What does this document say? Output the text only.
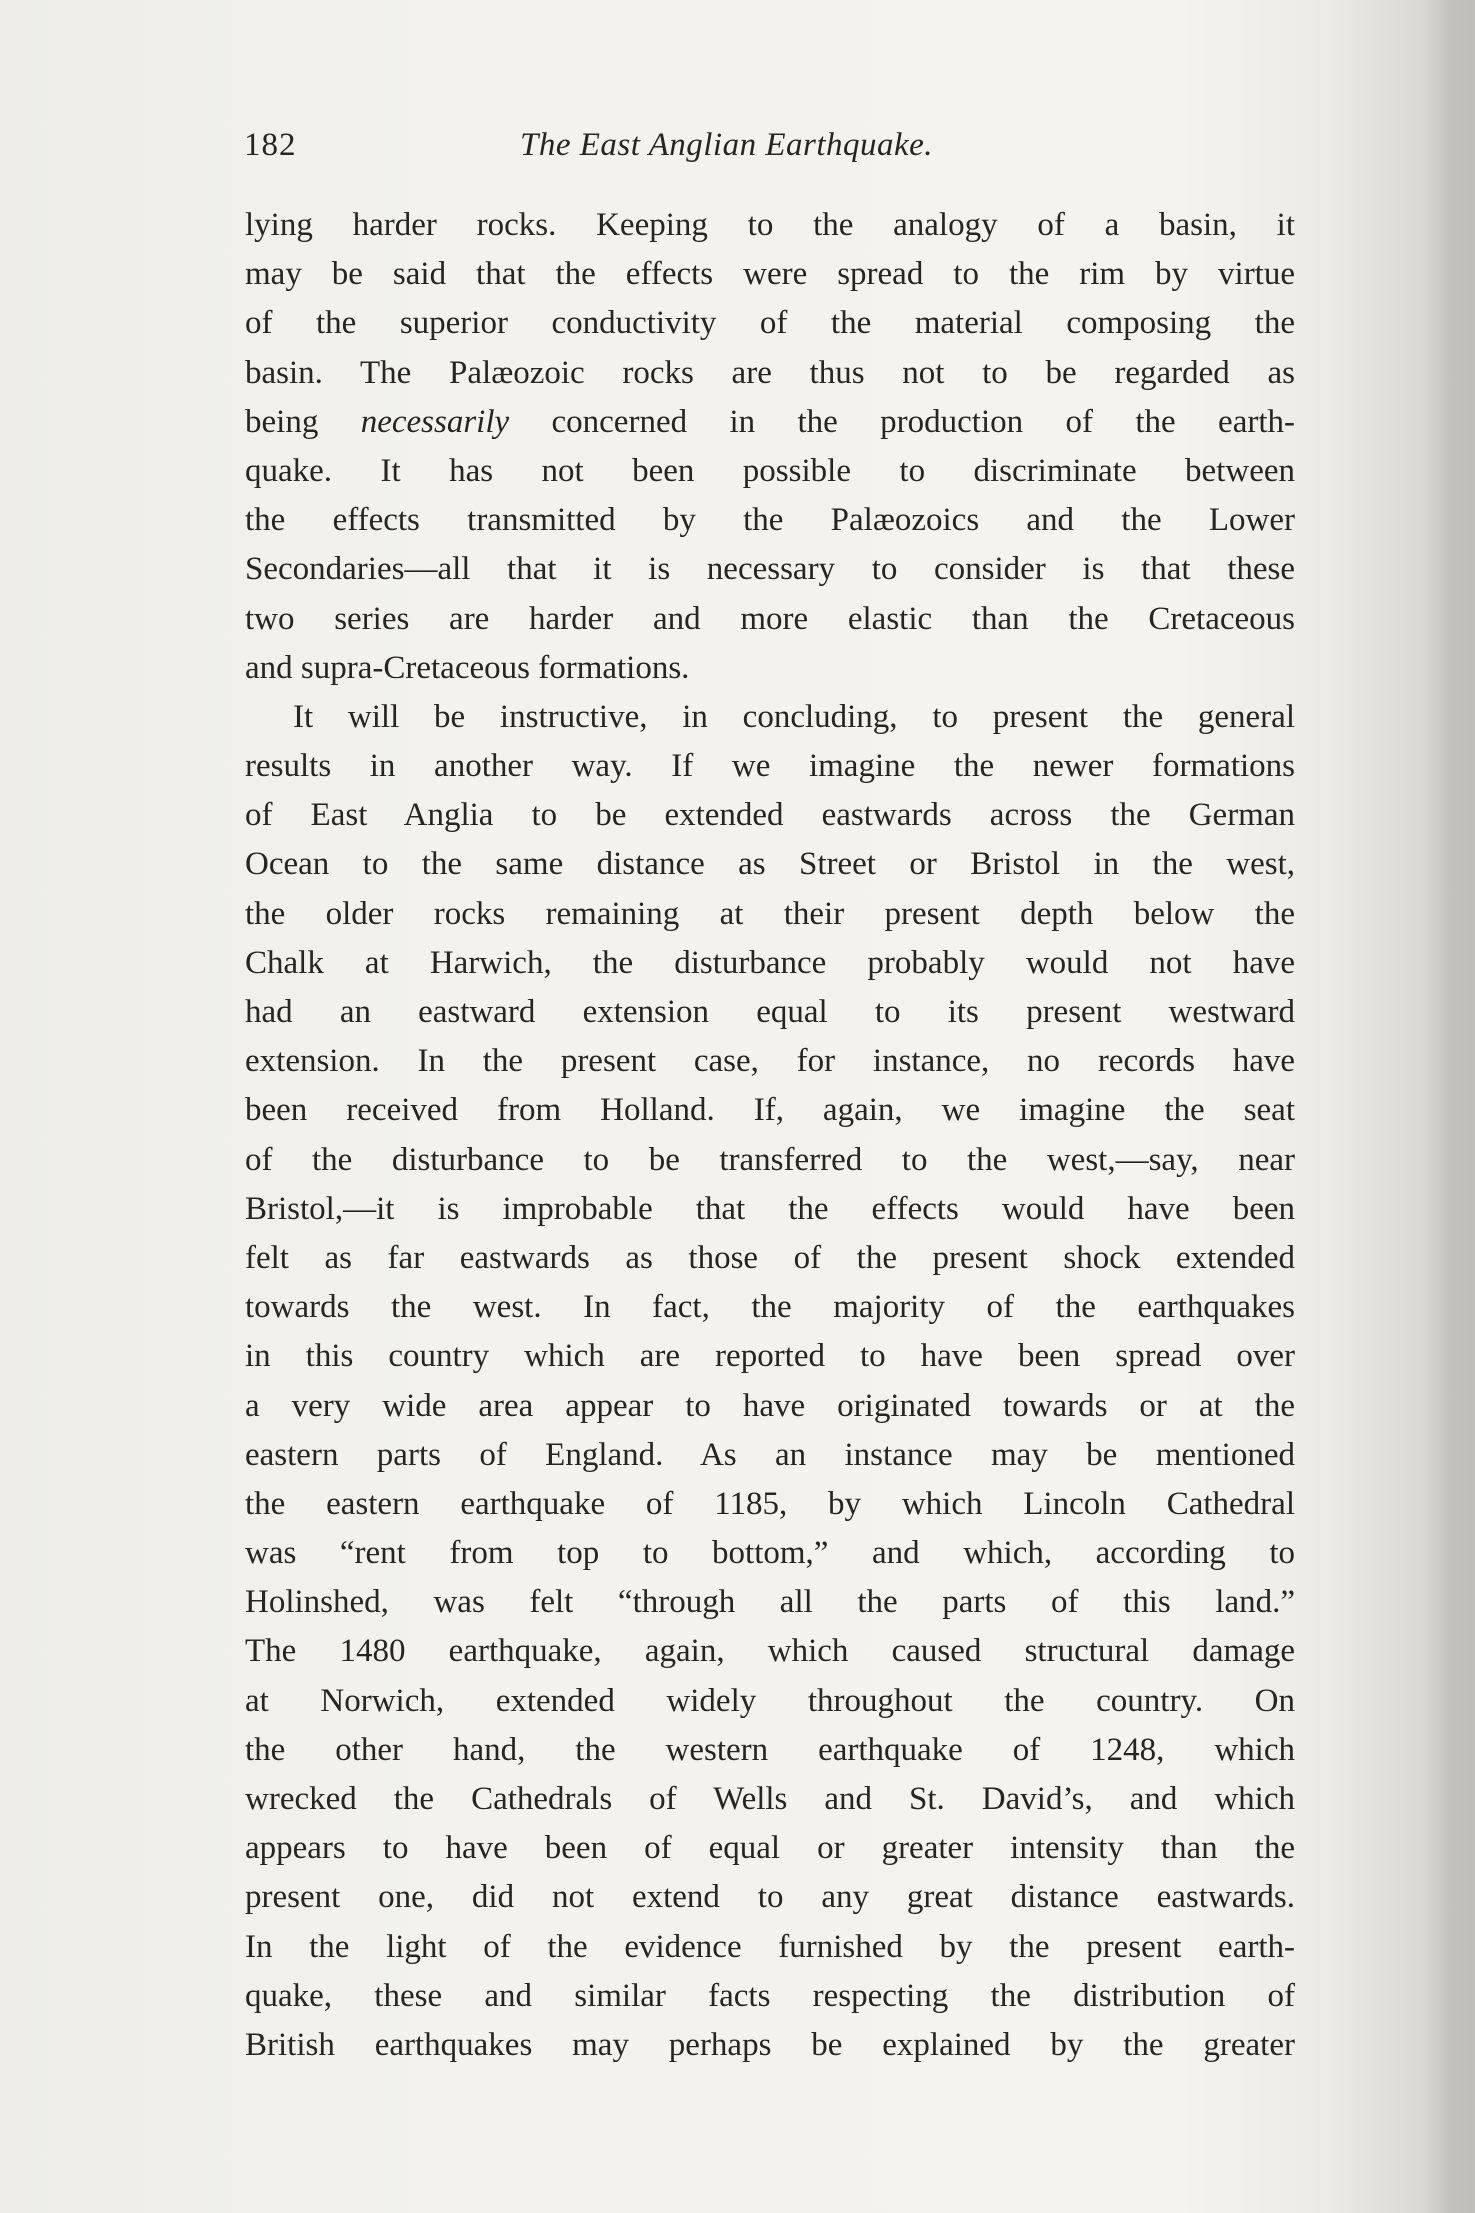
182	The East Anglian Earthquake.
lying harder rocks. Keeping to the analogy of a basin, it
may be said that the effects were spread to the rim by virtue
of the superior conductivity of the material composing the
basin. The Palæozoic rocks are thus not to be regarded as
being necessarily concerned in the production of the earth-
quake. It has not been possible to discriminate between
the effects transmitted by the Palæozoics and the Lower
Secondaries—all that it is necessary to consider is that these
two series are harder and more elastic than the Cretaceous
and supra-Cretaceous formations.
It will be instructive, in concluding, to present the general
results in another way. If we imagine the newer formations
of East Anglia to be extended eastwards across the German
Ocean to the same distance as Street or Bristol in the west,
the older rocks remaining at their present depth below the
Chalk at Harwich, the disturbance probably would not have
had an eastward extension equal to its present westward
extension. In the present case, for instance, no records have
been received from Holland. If, again, we imagine the seat
of the disturbance to be transferred to the west,—say, near
Bristol,—it is improbable that the effects would have been
felt as far eastwards as those of the present shock extended
towards the west. In fact, the majority of the earthquakes
in this country which are reported to have been spread over
a very wide area appear to have originated towards or at the
eastern parts of England. As an instance may be mentioned
the eastern earthquake of 1185, by which Lincoln Cathedral
was “rent from top to bottom,” and which, according to
Holinshed, was felt “through all the parts of this land.”
The 1480 earthquake, again, which caused structural damage
at Norwich, extended widely throughout the country. On
the other hand, the western earthquake of 1248, which
wrecked the Cathedrals of Wells and St. David’s, and which
appears to have been of equal or greater intensity than the
present one, did not extend to any great distance eastwards.
In the light of the evidence furnished by the present earth-
quake, these and similar facts respecting the distribution of
British earthquakes may perhaps be explained by the greater
